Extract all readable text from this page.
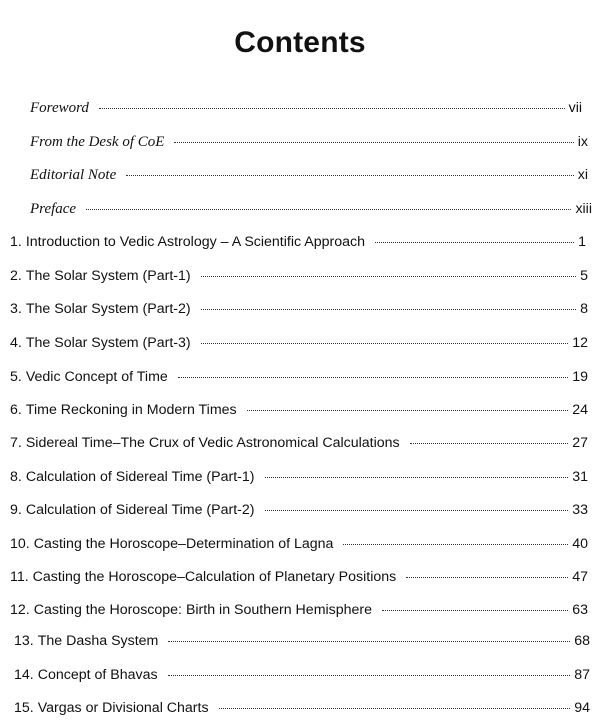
Contents
Foreword	vii
From the Desk of CoE	ix
Editorial Note	xi
Preface	xiii
1. Introduction to Vedic Astrology – A Scientific Approach	1
2. The Solar System (Part-1)	5
3. The Solar System (Part-2)	8
4. The Solar System (Part-3)	12
5. Vedic Concept of Time	19
6. Time Reckoning in Modern Times	24
7. Sidereal Time–The Crux of Vedic Astronomical Calculations	27
8. Calculation of Sidereal Time (Part-1)	31
9. Calculation of Sidereal Time (Part-2)	33
10. Casting the Horoscope–Determination of Lagna	40
11. Casting the Horoscope–Calculation of Planetary Positions	47
12. Casting the Horoscope: Birth in Southern Hemisphere	63
13. The Dasha System	68
14. Concept of Bhavas	87
15. Vargas or Divisional Charts	94
